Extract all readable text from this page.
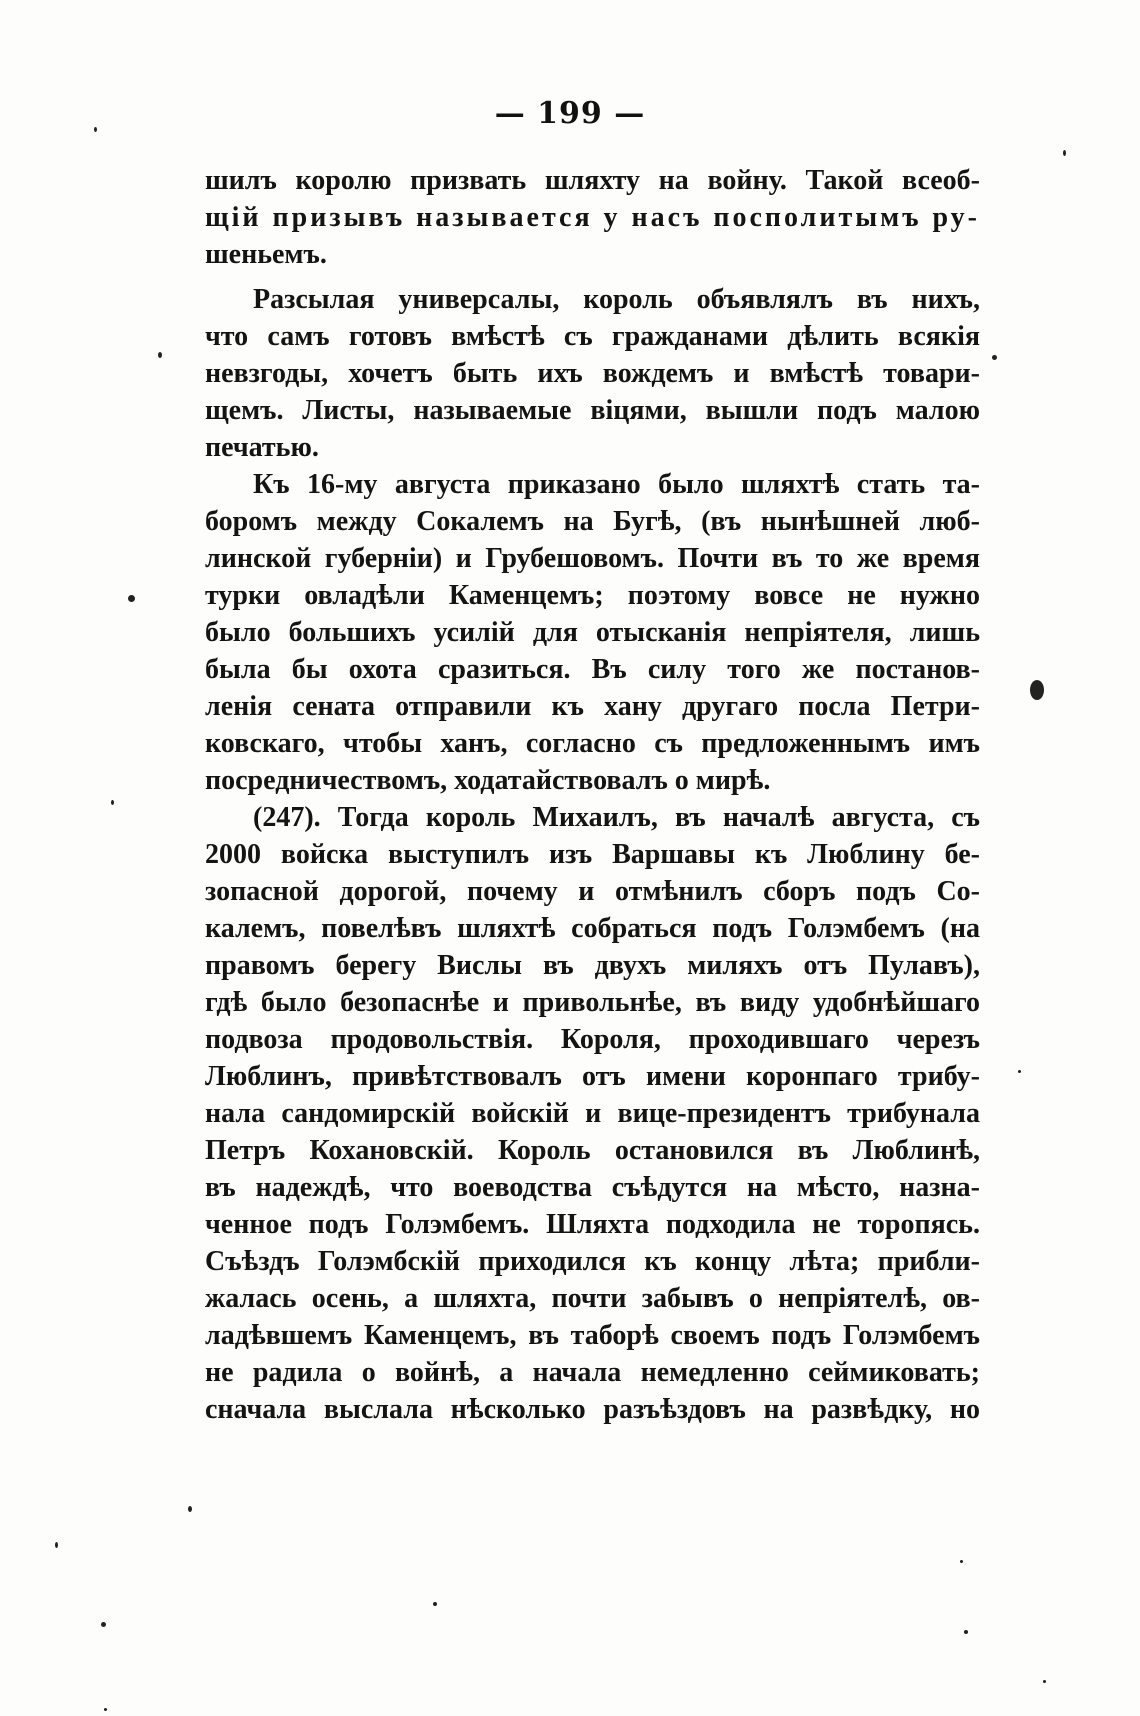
— 199 —
шилъ королю призвать шляхту на войну. Такой всеоб-
щій призывъ называется у насъ посполитымъ ру-
шеньемъ.
Разсылая универсалы, король объявлялъ въ нихъ,
что самъ готовъ вмѣстѣ съ гражданами дѣлить всякія
невзгоды, хочетъ быть ихъ вождемъ и вмѣстѣ товари-
щемъ. Листы, называемые віцями, вышли подъ малою
печатью.
Къ 16-му августа приказано было шляхтѣ стать та-
боромъ между Сокалемъ на Бугѣ, (въ нынѣшней люб-
линской губерніи) и Грубешовомъ. Почти въ то же время
турки овладѣли Каменцемъ; поэтому вовсе не нужно
было большихъ усилій для отысканія непріятеля, лишь
была бы охота сразиться. Въ силу того же постанов-
ленія сената отправили къ хану другаго посла Петри-
ковскаго, чтобы ханъ, согласно съ предложеннымъ имъ
посредничествомъ, ходатайствовалъ о мирѣ.
(247). Тогда король Михаилъ, въ началѣ августа, съ
2000 войска выступилъ изъ Варшавы къ Люблину бе-
зопасной дорогой, почему и отмѣнилъ сборъ подъ Со-
калемъ, повелѣвъ шляхтѣ собраться подъ Голэмбемъ (на
правомъ берегу Вислы въ двухъ миляхъ отъ Пулавъ),
гдѣ было безопаснѣе и привольнѣе, въ виду удобнѣйшаго
подвоза продовольствія. Короля, проходившаго черезъ
Люблинъ, привѣтствовалъ отъ имени коронпаго трибу-
нала сандомирскій войскій и вице-президентъ трибунала
Петръ Кохановскій. Король остановился въ Люблинѣ,
въ надеждѣ, что воеводства съѣдутся на мѣсто, назна-
ченное подъ Голэмбемъ. Шляхта подходила не торопясь.
Съѣздъ Голэмбскій приходился къ концу лѣта; прибли-
жалась осень, а шляхта, почти забывъ о непріятелѣ, ов-
ладѣвшемъ Каменцемъ, въ таборѣ своемъ подъ Голэмбемъ
не радила о войнѣ, а начала немедленно сеймиковать;
сначала выслала нѣсколько разъѣздовъ на развѣдку, но
